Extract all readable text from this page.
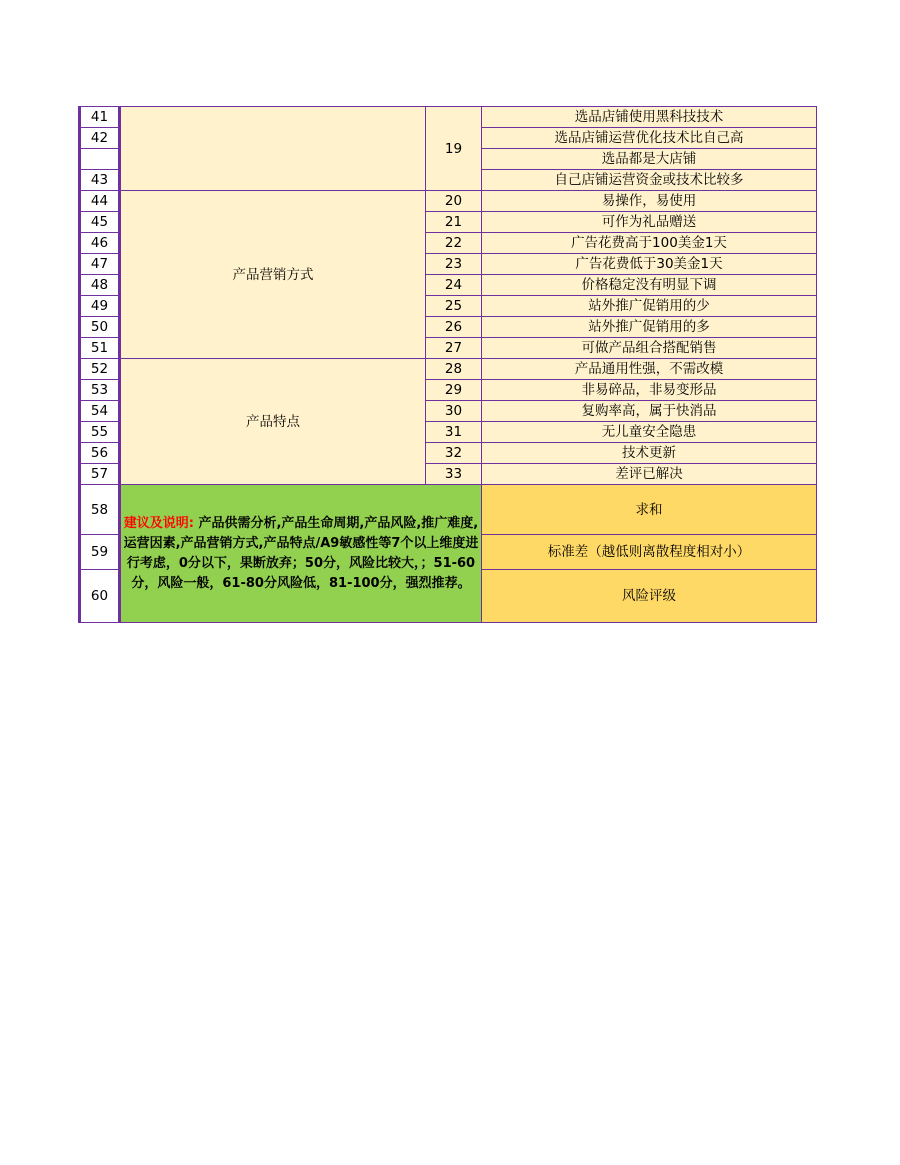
41		19	选品店铺使用黑科技技术
42			选品店铺运营优化技术比自己高
			选品都是大店铺
43			自己店铺运营资金或技术比较多
44	产品营销方式	20	易操作，易使用
45		21	可作为礼品赠送
46		22	广告花费高于100美金1天
47		23	广告花费低于30美金1天
48		24	价格稳定没有明显下调
49		25	站外推广促销用的少
50		26	站外推广促销用的多
51		27	可做产品组合搭配销售
52	产品特点	28	产品通用性强，不需改模
53		29	非易碎品，非易变形品
54		30	复购率高，属于快消品
55		31	无儿童安全隐患
56		32	技术更新
57		33	差评已解决
58	建议及说明: 产品供需分析,产品生命周期,产品风险,推广难度,运营因素,产品营销方式,产品特点/A9敏感性等7个以上维度进行考虑，0分以下，果断放弃；50分，风险比较大，；51-60分，风险一般，61-80分风险低，81-100分，强烈推荐。		求和
59			标准差（越低则离散程度相对小）
60			风险评级
